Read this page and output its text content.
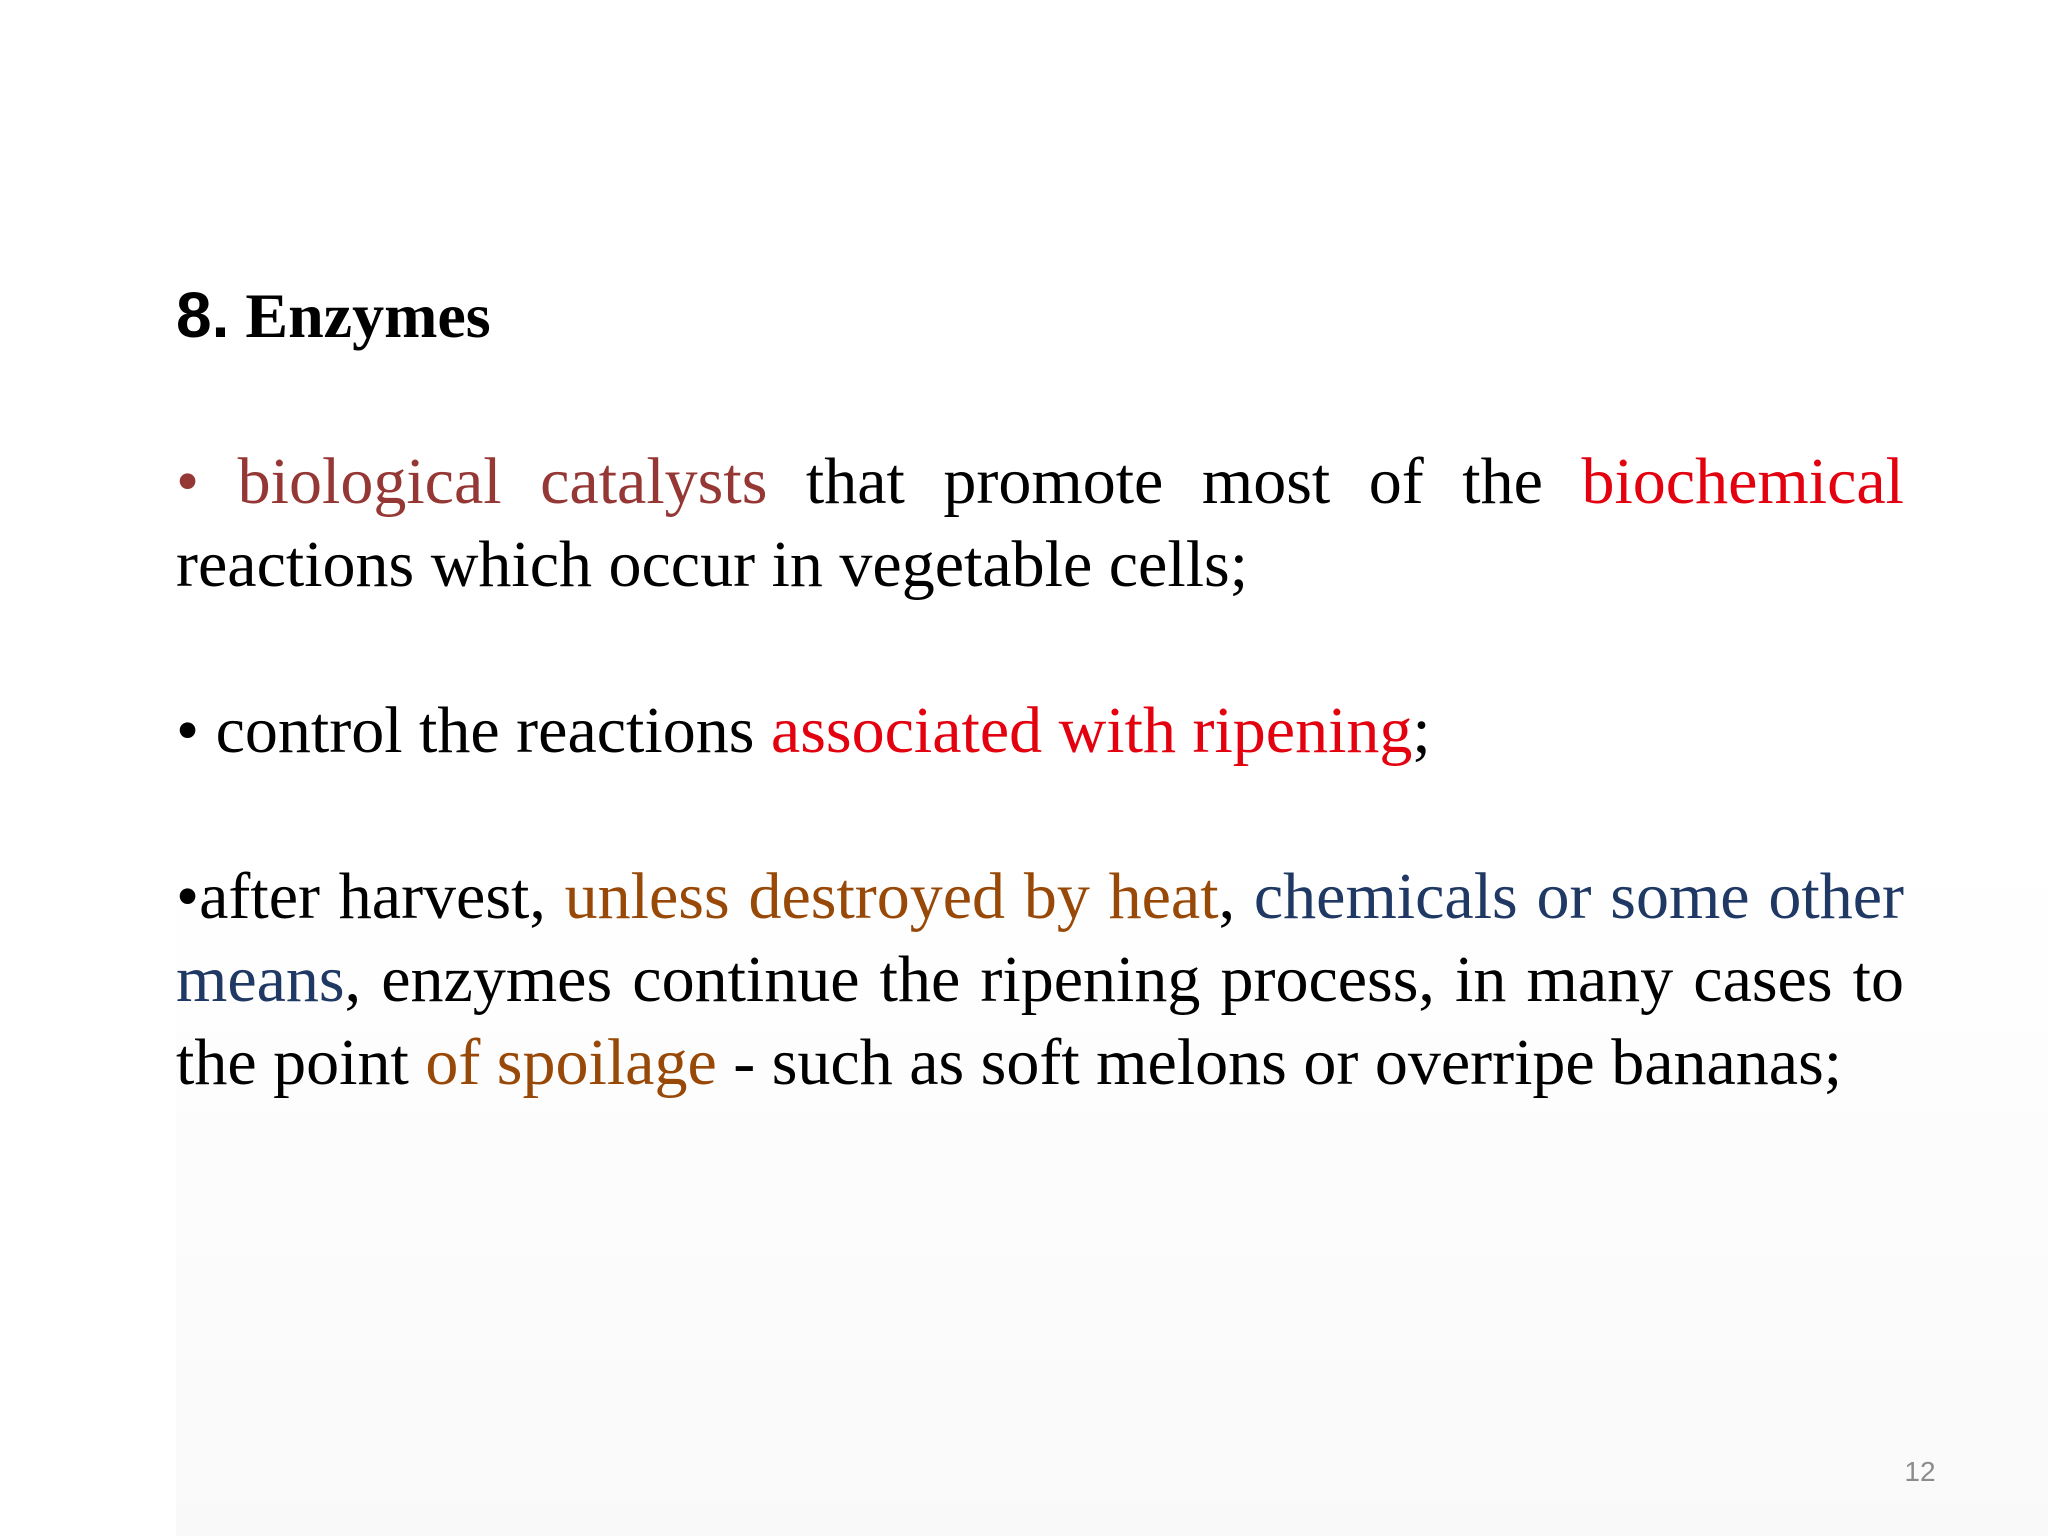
8. Enzymes

• biological catalysts that promote most of the biochemical reactions which occur in vegetable cells;

• control the reactions associated with ripening;

•after harvest, unless destroyed by heat, chemicals or some other means, enzymes continue the ripening process, in many cases to the point of spoilage - such as soft melons or overripe bananas;

12
